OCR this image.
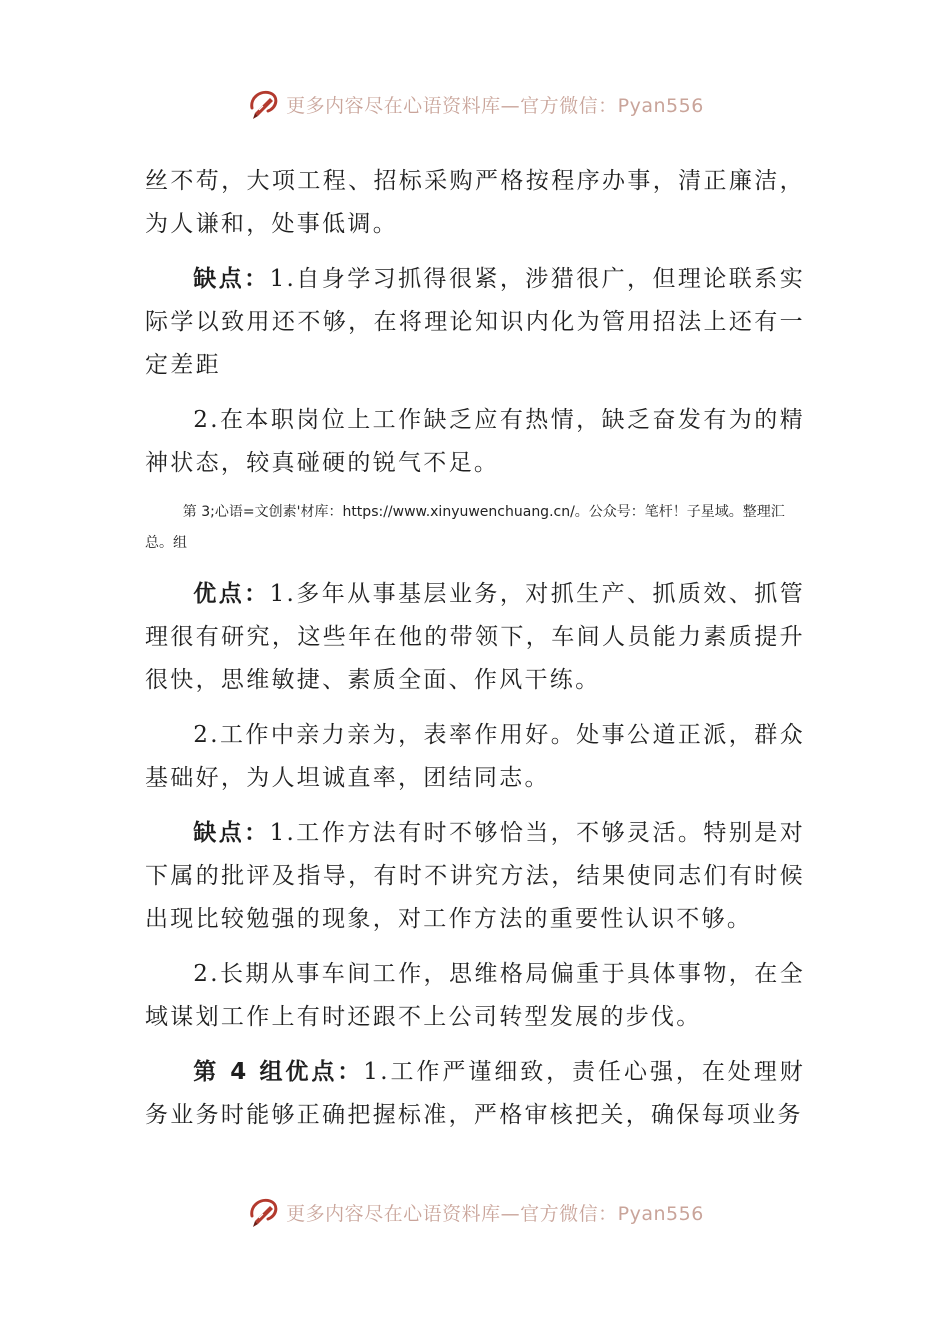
更多内容尽在心语资料库—官方微信：Pyan556

丝不苟，大项工程、招标采购严格按程序办事，清正廉洁，为人谦和，处事低调。

缺点：1.自身学习抓得很紧，涉猎很广，但理论联系实际学以致用还不够，在将理论知识内化为管用招法上还有一定差距

2.在本职岗位上工作缺乏应有热情，缺乏奋发有为的精神状态，较真碰硬的锐气不足。

第 3;心语=文创素'材库：https://www.xinyuwenchuang.cn/。公众号：笔杆！子星域。整理汇总。组

优点：1.多年从事基层业务，对抓生产、抓质效、抓管理很有研究，这些年在他的带领下，车间人员能力素质提升很快，思维敏捷、素质全面、作风干练。

2.工作中亲力亲为，表率作用好。处事公道正派，群众基础好，为人坦诚直率，团结同志。

缺点：1.工作方法有时不够恰当，不够灵活。特别是对下属的批评及指导，有时不讲究方法，结果使同志们有时候出现比较勉强的现象，对工作方法的重要性认识不够。

2.长期从事车间工作，思维格局偏重于具体事物，在全域谋划工作上有时还跟不上公司转型发展的步伐。

第 4 组优点：1.工作严谨细致，责任心强，在处理财务业务时能够正确把握标准，严格审核把关，确保每项业务

更多内容尽在心语资料库—官方微信：Pyan556
